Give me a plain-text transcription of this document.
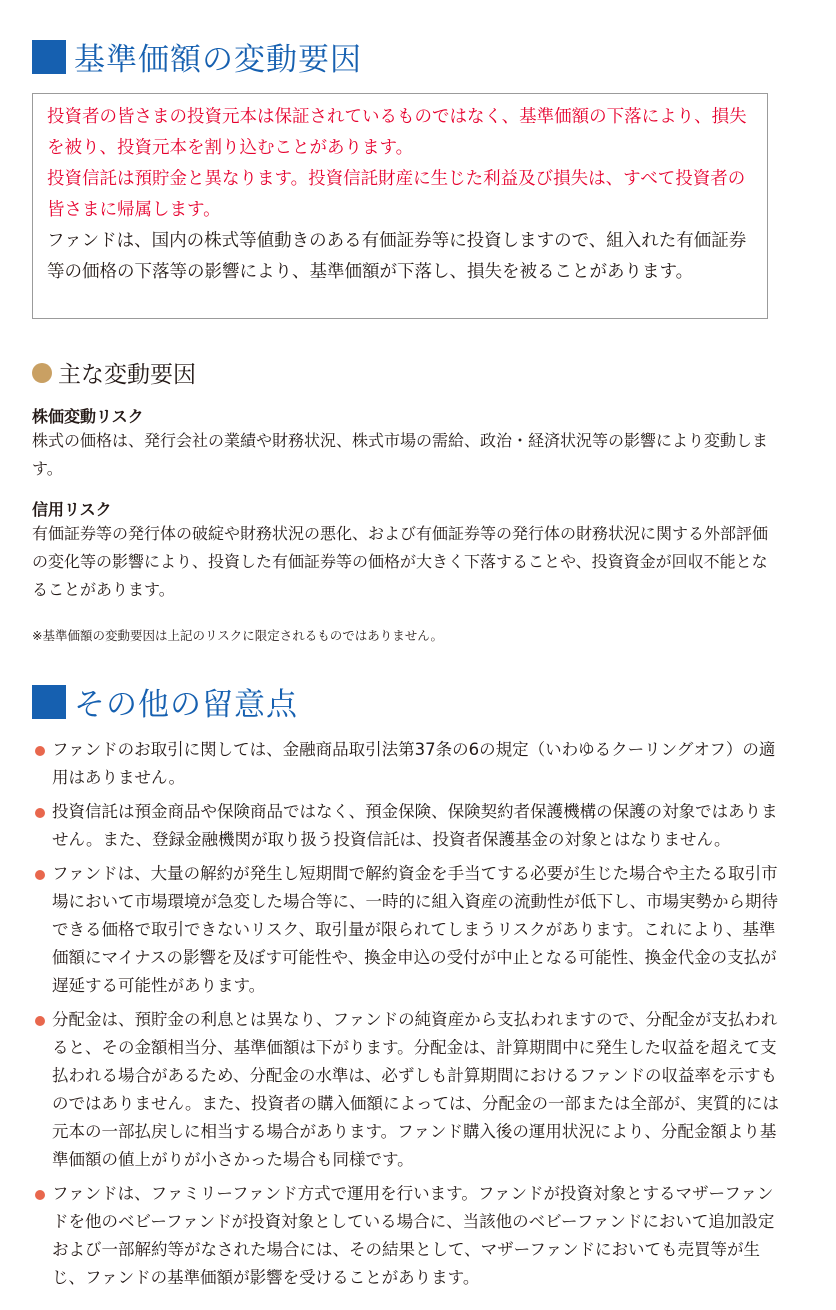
基準価額の変動要因

投資者の皆さまの投資元本は保証されているものではなく、基準価額の下落により、損失を被り、投資元本を割り込むことがあります。

投資信託は預貯金と異なります。投資信託財産に生じた利益及び損失は、すべて投資者の皆さまに帰属します。

ファンドは、国内の株式等値動きのある有価証券等に投資しますので、組入れた有価証券等の価格の下落等の影響により、基準価額が下落し、損失を被ることがあります。

主な変動要因
株価変動リスク

株式の価格は、発行会社の業績や財務状況、株式市場の需給、政治・経済状況等の影響により変動します。

信用リスク

有価証券等の発行体の破綻や財務状況の悪化、および有価証券等の発行体の財務状況に関する外部評価の変化等の影響により、投資した有価証券等の価格が大きく下落することや、投資資金が回収不能となることがあります。

※基準価額の変動要因は上記のリスクに限定されるものではありません。
その他の留意点
ファンドのお取引に関しては、金融商品取引法第37条の6の規定（いわゆるクーリングオフ）の適用はありません。
投資信託は預金商品や保険商品ではなく、預金保険、保険契約者保護機構の保護の対象ではありません。また、登録金融機関が取り扱う投資信託は、投資者保護基金の対象とはなりません。
ファンドは、大量の解約が発生し短期間で解約資金を手当てする必要が生じた場合や主たる取引市場において市場環境が急変した場合等に、一時的に組入資産の流動性が低下し、市場実勢から期待できる価格で取引できないリスク、取引量が限られてしまうリスクがあります。これにより、基準価額にマイナスの影響を及ぼす可能性や、換金申込の受付が中止となる可能性、換金代金の支払が遅延する可能性があります。
分配金は、預貯金の利息とは異なり、ファンドの純資産から支払われますので、分配金が支払われると、その金額相当分、基準価額は下がります。分配金は、計算期間中に発生した収益を超えて支払われる場合があるため、分配金の水準は、必ずしも計算期間におけるファンドの収益率を示すものではありません。また、投資者の購入価額によっては、分配金の一部または全部が、実質的には元本の一部払戻しに相当する場合があります。ファンド購入後の運用状況により、分配金額より基準価額の値上がりが小さかった場合も同様です。
ファンドは、ファミリーファンド方式で運用を行います。ファンドが投資対象とするマザーファンドを他のベビーファンドが投資対象としている場合に、当該他のベビーファンドにおいて追加設定および一部解約等がなされた場合には、その結果として、マザーファンドにおいても売買等が生じ、ファンドの基準価額が影響を受けることがあります。
